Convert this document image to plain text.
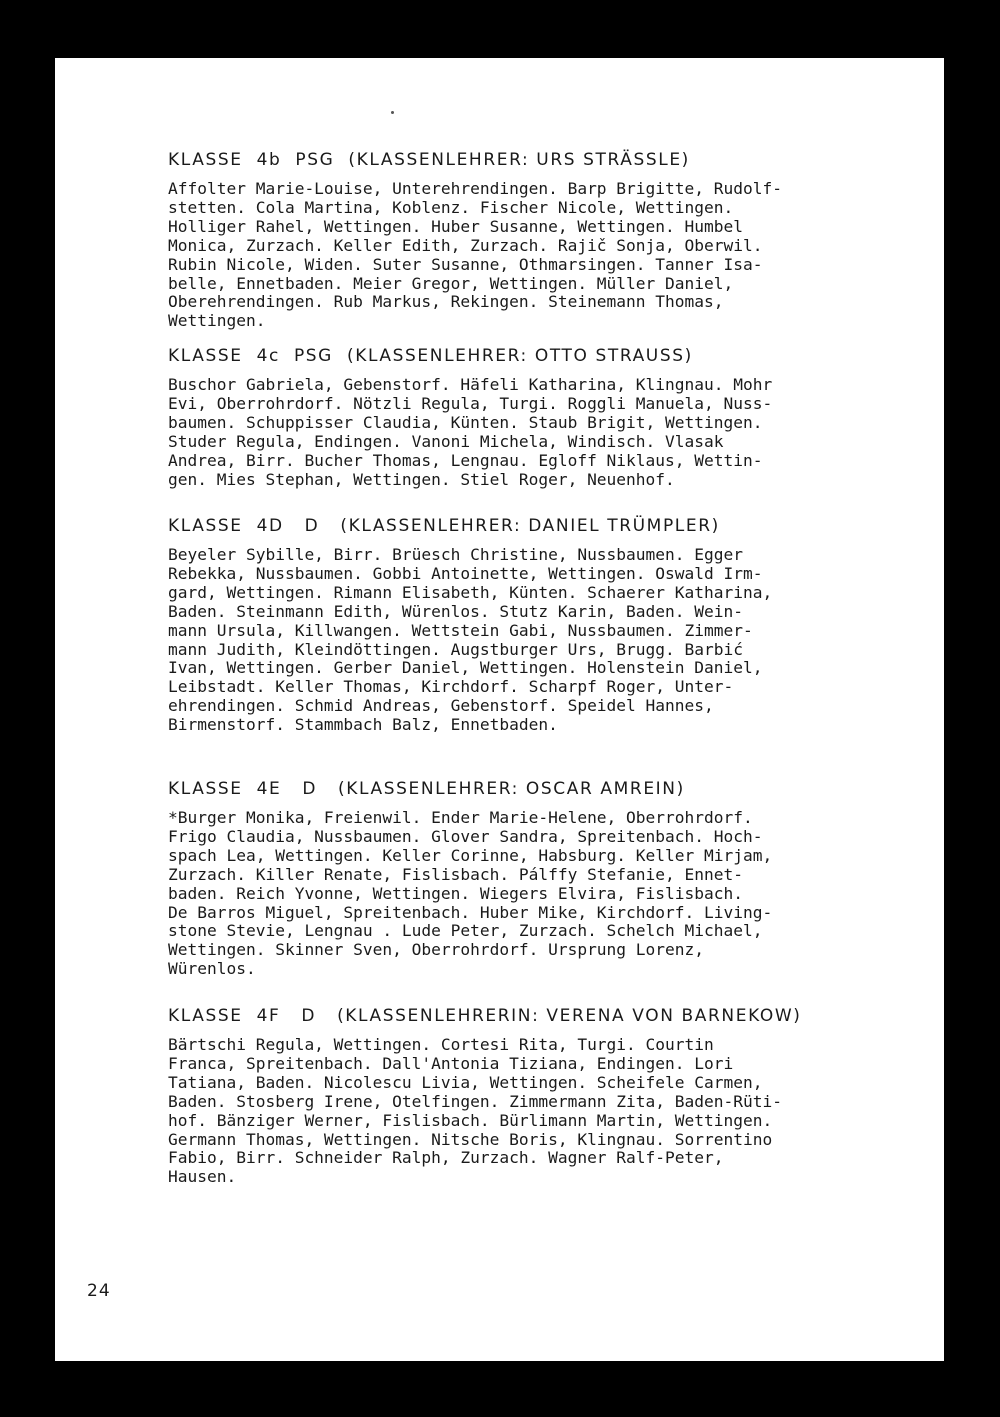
KLASSE  4b  PSG  (KLASSENLEHRER: URS STRÄSSLE)

Affolter Marie-Louise, Unterehrendingen. Barp Brigitte, Rudolf-

stetten. Cola Martina, Koblenz. Fischer Nicole, Wettingen.

Holliger Rahel, Wettingen. Huber Susanne, Wettingen. Humbel

Monica, Zurzach. Keller Edith, Zurzach. Rajič Sonja, Oberwil.

Rubin Nicole, Widen. Suter Susanne, Othmarsingen. Tanner Isa-

belle, Ennetbaden. Meier Gregor, Wettingen. Müller Daniel,

Oberehrendingen. Rub Markus, Rekingen. Steinemann Thomas,

Wettingen.

KLASSE  4c  PSG  (KLASSENLEHRER: OTTO STRAUSS)

Buschor Gabriela, Gebenstorf. Häfeli Katharina, Klingnau. Mohr

Evi, Oberrohrdorf. Nötzli Regula, Turgi. Roggli Manuela, Nuss-

baumen. Schuppisser Claudia, Künten. Staub Brigit, Wettingen.

Studer Regula, Endingen. Vanoni Michela, Windisch. Vlasak

Andrea, Birr. Bucher Thomas, Lengnau. Egloff Niklaus, Wettin-

gen. Mies Stephan, Wettingen. Stiel Roger, Neuenhof.

KLASSE  4D   D   (KLASSENLEHRER: DANIEL TRÜMPLER)

Beyeler Sybille, Birr. Brüesch Christine, Nussbaumen. Egger

Rebekka, Nussbaumen. Gobbi Antoinette, Wettingen. Oswald Irm-

gard, Wettingen. Rimann Elisabeth, Künten. Schaerer Katharina,

Baden. Steinmann Edith, Würenlos. Stutz Karin, Baden. Wein-

mann Ursula, Killwangen. Wettstein Gabi, Nussbaumen. Zimmer-

mann Judith, Kleindöttingen. Augstburger Urs, Brugg. Barbić

Ivan, Wettingen. Gerber Daniel, Wettingen. Holenstein Daniel,

Leibstadt. Keller Thomas, Kirchdorf. Scharpf Roger, Unter-

ehrendingen. Schmid Andreas, Gebenstorf. Speidel Hannes,

Birmenstorf. Stammbach Balz, Ennetbaden.

KLASSE  4E   D   (KLASSENLEHRER: OSCAR AMREIN)

*Burger Monika, Freienwil. Ender Marie-Helene, Oberrohrdorf.

Frigo Claudia, Nussbaumen. Glover Sandra, Spreitenbach. Hoch-

spach Lea, Wettingen. Keller Corinne, Habsburg. Keller Mirjam,

Zurzach. Killer Renate, Fislisbach. Pálffy Stefanie, Ennet-

baden. Reich Yvonne, Wettingen. Wiegers Elvira, Fislisbach.

De Barros Miguel, Spreitenbach. Huber Mike, Kirchdorf. Living-

stone Stevie, Lengnau . Lude Peter, Zurzach. Schelch Michael,

Wettingen. Skinner Sven, Oberrohrdorf. Ursprung Lorenz,

Würenlos.

KLASSE  4F   D   (KLASSENLEHRERIN: VERENA VON BARNEKOW)

Bärtschi Regula, Wettingen. Cortesi Rita, Turgi. Courtin

Franca, Spreitenbach. Dall'Antonia Tiziana, Endingen. Lori

Tatiana, Baden. Nicolescu Livia, Wettingen. Scheifele Carmen,

Baden. Stosberg Irene, Otelfingen. Zimmermann Zita, Baden-Rüti-

hof. Bänziger Werner, Fislisbach. Bürlimann Martin, Wettingen.

Germann Thomas, Wettingen. Nitsche Boris, Klingnau. Sorrentino

Fabio, Birr. Schneider Ralph, Zurzach. Wagner Ralf-Peter,

Hausen.

24
